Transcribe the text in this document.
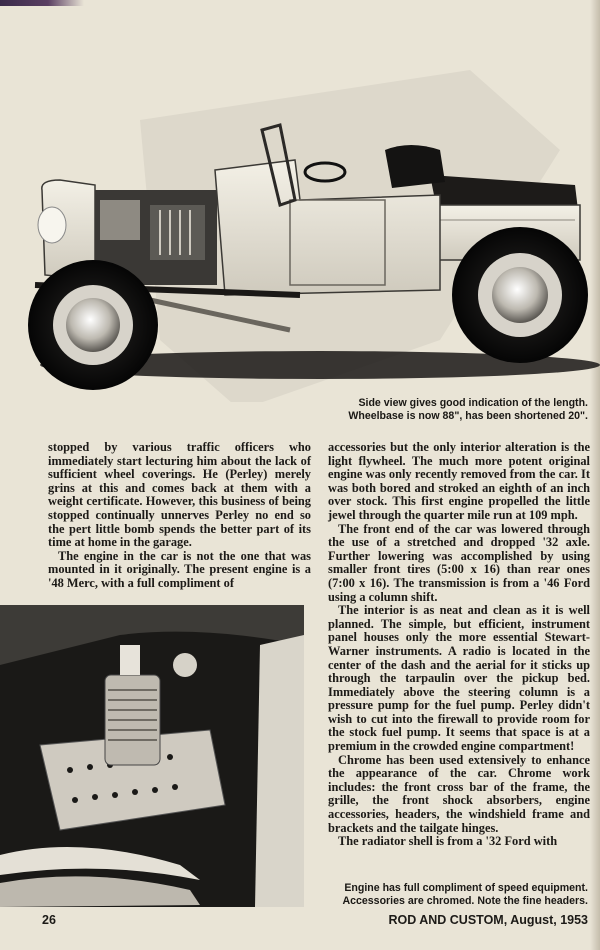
Side view gives good indication of the length. Wheelbase is now 88", has been shortened 20".

stopped by various traffic officers who immediately start lecturing him about the lack of sufficient wheel coverings. He (Perley) merely grins at this and comes back at them with a weight certificate. However, this business of being stopped continually unnerves Perley no end so the pert little bomb spends the better part of its time at home in the garage.

The engine in the car is not the one that was mounted in it originally. The present engine is a '48 Merc, with a full compliment of

accessories but the only interior alteration is the light flywheel. The much more potent original engine was only recently removed from the car. It was both bored and stroked an eighth of an inch over stock. This first engine propelled the little jewel through the quarter mile run at 109 mph.

The front end of the car was lowered through the use of a stretched and dropped '32 axle. Further lowering was accomplished by using smaller front tires (5:00 x 16) than rear ones (7:00 x 16). The transmission is from a '46 Ford using a column shift.

The interior is as neat and clean as it is well planned. The simple, but efficient, instrument panel houses only the more essential Stewart-Warner instruments. A radio is located in the center of the dash and the aerial for it sticks up through the tarpaulin over the pickup bed. Immediately above the steering column is a pressure pump for the fuel pump. Perley didn't wish to cut into the firewall to provide room for the stock fuel pump. It seems that space is at a premium in the crowded engine compartment!

Chrome has been used extensively to enhance the appearance of the car. Chrome work includes: the front cross bar of the frame, the grille, the front shock absorbers, engine accessories, headers, the windshield frame and brackets and the tailgate hinges.

The radiator shell is from a '32 Ford with

Engine has full compliment of speed equipment. Accessories are chromed. Note the fine headers.
26	ROD AND CUSTOM, August, 1953
